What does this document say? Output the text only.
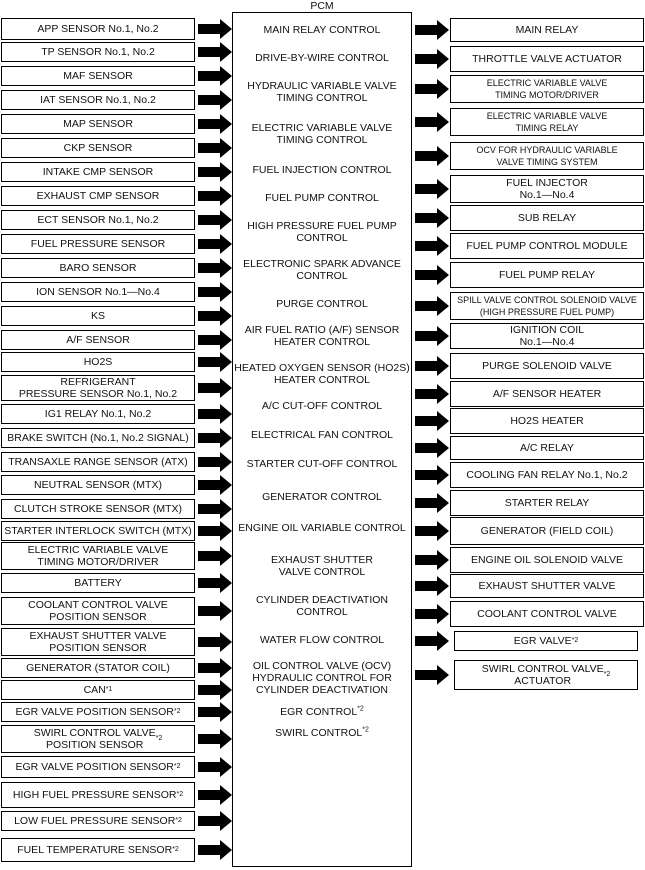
PCM
APP SENSOR No.1, No.2
TP SENSOR No.1, No.2
MAF SENSOR
IAT SENSOR No.1, No.2
MAP SENSOR
CKP SENSOR
INTAKE CMP SENSOR
EXHAUST CMP SENSOR
ECT SENSOR No.1, No.2
FUEL PRESSURE SENSOR
BARO SENSOR
ION SENSOR No.1—No.4
KS
A/F SENSOR
HO2S
REFRIGERANT
PRESSURE SENSOR No.1, No.2
IG1 RELAY No.1, No.2
BRAKE SWITCH (No.1, No.2 SIGNAL)
TRANSAXLE RANGE SENSOR (ATX)
NEUTRAL SENSOR (MTX)
CLUTCH STROKE SENSOR (MTX)
STARTER INTERLOCK SWITCH (MTX)
ELECTRIC VARIABLE VALVE
TIMING MOTOR/DRIVER
BATTERY
COOLANT CONTROL VALVE
POSITION SENSOR
EXHAUST SHUTTER VALVE
POSITION SENSOR
GENERATOR (STATOR COIL)
CAN *1
EGR VALVE POSITION SENSOR *2
SWIRL CONTROL VALVE
POSITION SENSOR
*2
EGR VALVE POSITION SENSOR *2
HIGH FUEL PRESSURE SENSOR *2
LOW FUEL PRESSURE SENSOR *2
FUEL TEMPERATURE SENSOR *2
MAIN RELAY CONTROL
DRIVE-BY-WIRE CONTROL
HYDRAULIC VARIABLE VALVE
TIMING CONTROL
ELECTRIC VARIABLE VALVE
TIMING CONTROL
FUEL INJECTION CONTROL
FUEL PUMP CONTROL
HIGH PRESSURE FUEL PUMP
CONTROL
ELECTRONIC SPARK ADVANCE
CONTROL
PURGE CONTROL
AIR FUEL RATIO (A/F) SENSOR
HEATER CONTROL
HEATED OXYGEN SENSOR (HO2S)
HEATER CONTROL
A/C CUT-OFF CONTROL
ELECTRICAL FAN CONTROL
STARTER CUT-OFF CONTROL
GENERATOR CONTROL
ENGINE OIL VARIABLE CONTROL
EXHAUST SHUTTER
VALVE CONTROL
CYLINDER DEACTIVATION
CONTROL
WATER FLOW CONTROL
OIL CONTROL VALVE (OCV)
HYDRAULIC CONTROL FOR
CYLINDER DEACTIVATION
EGR CONTROL$^{*2}$
SWIRL CONTROL$^{*2}$
MAIN RELAY
THROTTLE VALVE ACTUATOR
ELECTRIC VARIABLE VALVE
TIMING MOTOR/DRIVER
ELECTRIC VARIABLE VALVE
TIMING RELAY
OCV FOR HYDRAULIC VARIABLE
VALVE TIMING SYSTEM
FUEL INJECTOR
No.1—No.4
SUB RELAY
FUEL PUMP CONTROL MODULE
FUEL PUMP RELAY
SPILL VALVE CONTROL SOLENOID VALVE
(HIGH PRESSURE FUEL PUMP)
IGNITION COIL
No.1—No.4
PURGE SOLENOID VALVE
A/F SENSOR HEATER
HO2S HEATER
A/C RELAY
COOLING FAN RELAY No.1, No.2
STARTER RELAY
GENERATOR (FIELD COIL)
ENGINE OIL SOLENOID VALVE
EXHAUST SHUTTER VALVE
COOLANT CONTROL VALVE
EGR VALVE *2
SWIRL CONTROL VALVE
ACTUATOR
*2
